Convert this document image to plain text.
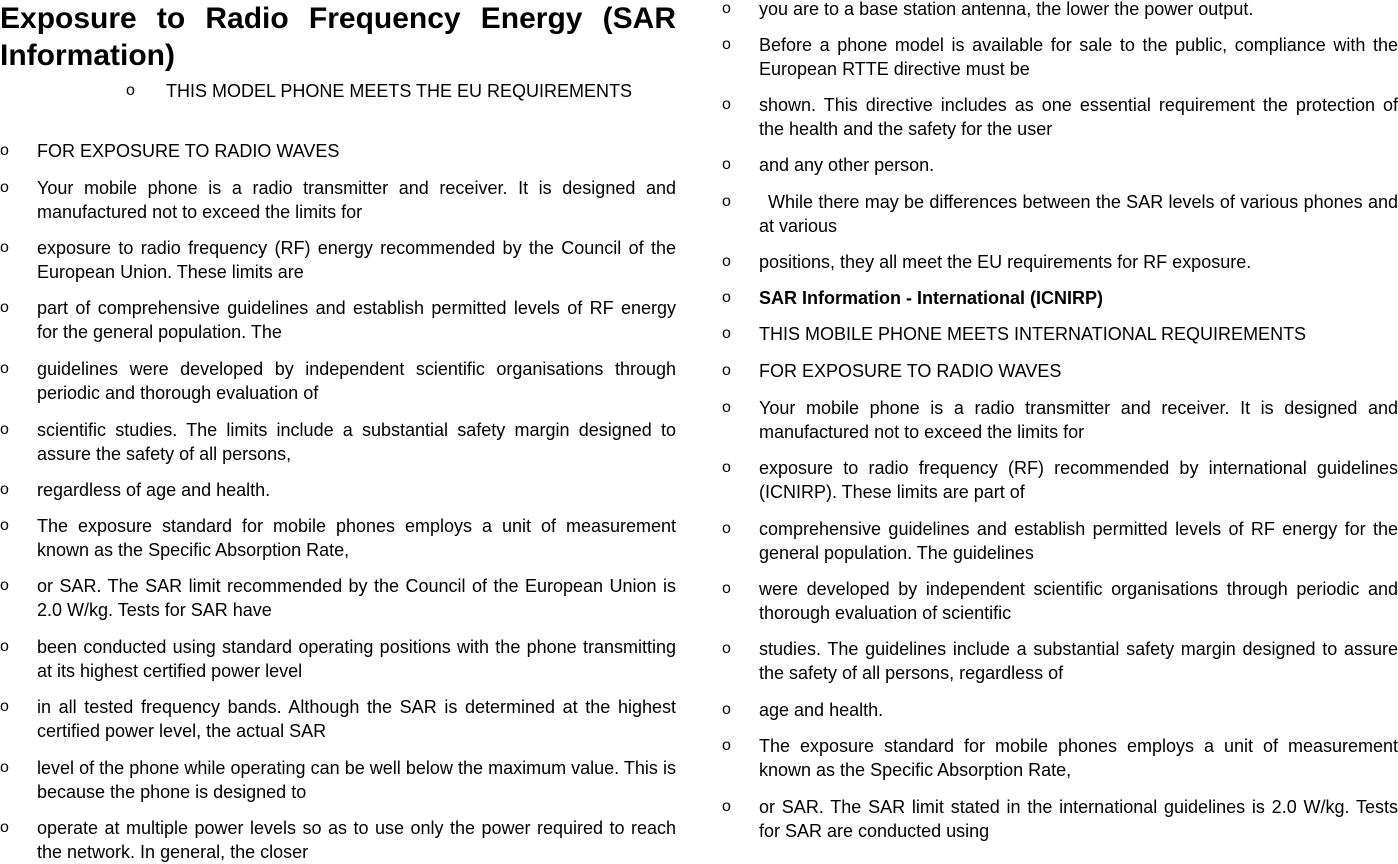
Exposure to Radio Frequency Energy (SAR Information)
o	THIS MODEL PHONE MEETS THE EU REQUIREMENTS
o	FOR EXPOSURE TO RADIO WAVES
o	Your mobile phone is a radio transmitter and receiver. It is designed and manufactured not to exceed the limits for
o	exposure to radio frequency (RF) energy recommended by the Council of the European Union. These limits are
o	part of comprehensive guidelines and establish permitted levels of RF energy for the general population. The
o	guidelines were developed by independent scientific organisations through periodic and thorough evaluation of
o	scientific studies. The limits include a substantial safety margin designed to assure the safety of all persons,
o	regardless of age and health.
o	The exposure standard for mobile phones employs a unit of measurement known as the Specific Absorption Rate,
o	or SAR. The SAR limit recommended by the Council of the European Union is 2.0 W/kg. Tests for SAR have
o	been conducted using standard operating positions with the phone transmitting at its highest certified power level
o	in all tested frequency bands. Although the SAR is determined at the highest certified power level, the actual SAR
o	level of the phone while operating can be well below the maximum value. This is because the phone is designed to
o	operate at multiple power levels so as to use only the power required to reach the network. In general, the closer
o	you are to a base station antenna, the lower the power output.
o	Before a phone model is available for sale to the public, compliance with the European RTTE directive must be
o	shown. This directive includes as one essential requirement the protection of the health and the safety for the user
o	and any other person.
o	While there may be differences between the SAR levels of various phones and at various
o	positions, they all meet the EU requirements for RF exposure.
o	SAR Information - International (ICNIRP)
o	THIS MOBILE PHONE MEETS INTERNATIONAL REQUIREMENTS
o	FOR EXPOSURE TO RADIO WAVES
o	Your mobile phone is a radio transmitter and receiver. It is designed and manufactured not to exceed the limits for
o	exposure to radio frequency (RF) recommended by international guidelines (ICNIRP). These limits are part of
o	comprehensive guidelines and establish permitted levels of RF energy for the general population. The guidelines
o	were developed by independent scientific organisations through periodic and thorough evaluation of scientific
o	studies. The guidelines include a substantial safety margin designed to assure the safety of all persons, regardless of
o	age and health.
o	The exposure standard for mobile phones employs a unit of measurement known as the Specific Absorption Rate,
o	or SAR. The SAR limit stated in the international guidelines is 2.0 W/kg. Tests for SAR are conducted using
